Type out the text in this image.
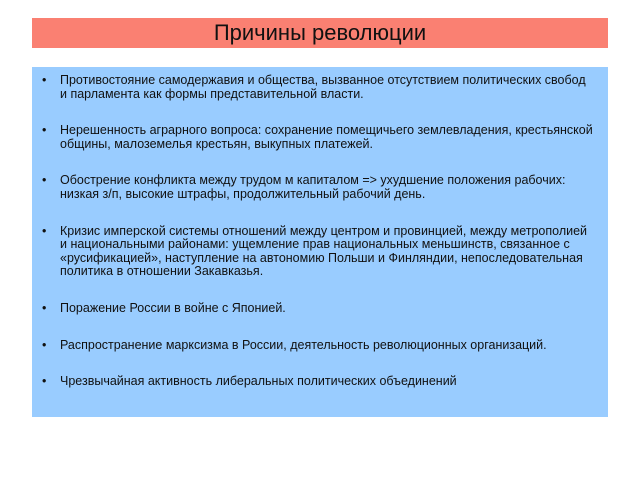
Причины революции
• Противостояние самодержавия и общества, вызванное отсутствием политических свобод и парламента как формы представительной власти.
• Нерешенность аграрного вопроса: сохранение помещичьего землевладения, крестьянской общины, малоземелья крестьян, выкупных платежей.
• Обострение конфликта между трудом м капиталом => ухудшение положения рабочих: низкая з/п, высокие штрафы, продолжительный рабочий день.
• Кризис имперской системы отношений между центром и провинцией, между метрополией и национальными районами: ущемление прав национальных меньшинств, связанное с «русификацией», наступление на автономию Польши и Финляндии, непоследовательная политика в отношении Закавказья.
• Поражение России в войне с Японией.
• Распространение марксизма в России, деятельность революционных организаций.
• Чрезвычайная активность либеральных политических объединений
